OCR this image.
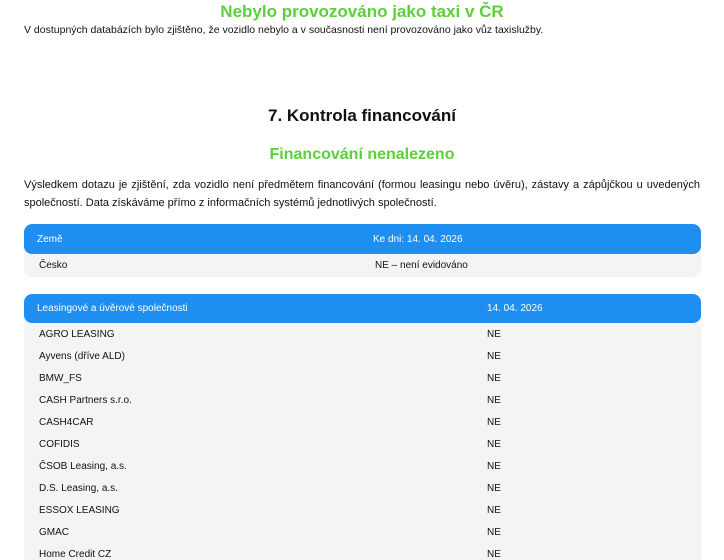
Nebylo provozováno jako taxi v ČR
V dostupných databázích bylo zjištěno, že vozidlo nebylo a v současnosti není provozováno jako vůz taxislužby.
7. Kontrola financování
Financování nenalezeno
Výsledkem dotazu je zjištění, zda vozidlo není předmětem financování (formou leasingu nebo úvěru), zástavy a zápůjčkou u uvedených společností. Data získáváme přímo z informačních systémů jednotlivých společností.
Země	Ke dni: 14. 04. 2026
Česko	NE – není evidováno
Leasingové a úvěrové společnosti	14. 04. 2026
AGRO LEASING	NE
Ayvens (dříve ALD)	NE
BMW_FS	NE
CASH Partners s.r.o.	NE
CASH4CAR	NE
COFIDIS	NE
ČSOB Leasing, a.s.	NE
D.S. Leasing, a.s.	NE
ESSOX LEASING	NE
GMAC	NE
Home Credit CZ	NE
